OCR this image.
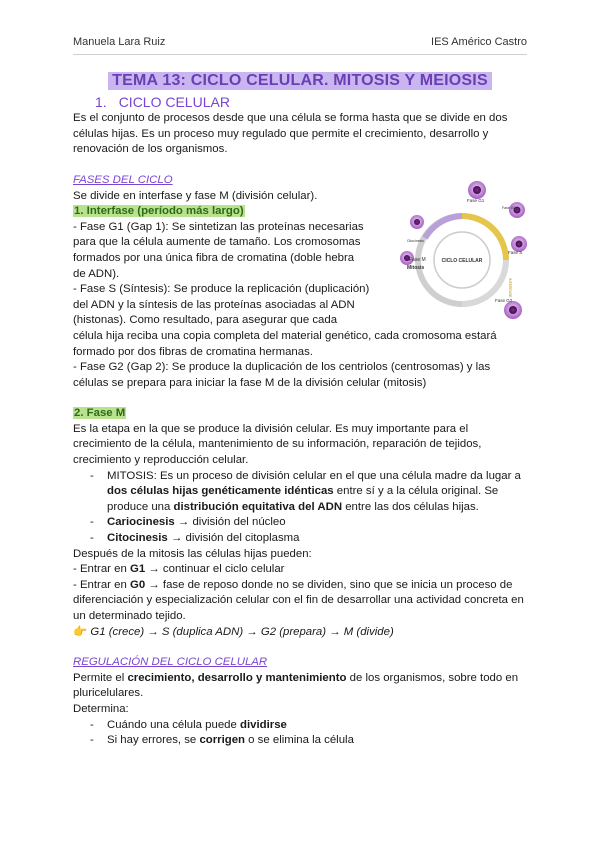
Manuela Lara Ruiz	IES Américo Castro
CICLO CELULAR
Fase G1
Fase G0
Fase S
Fase G2
Fase M
Mitosis
Citocinesis
INTERFASE
TEMA 13: CICLO CELULAR. MITOSIS Y MEIOSIS
1. CICLO CELULAR

Es el conjunto de procesos desde que una célula se forma hasta que se divide en dos células hijas. Es un proceso muy regulado que permite el crecimiento, desarrollo y renovación de los organismos.

FASES DEL CICLO

Se divide en interfase y fase M (división celular).

1. Interfase (período más largo)

- Fase G1 (Gap 1): Se sintetizan las proteínas necesarias

para que la célula aumente de tamaño. Los cromosomas

formados por una única fibra de cromatina (doble hebra

de ADN).

- Fase S (Síntesis): Se produce la replicación (duplicación)

del ADN y la síntesis de las proteínas asociadas al ADN

(histonas). Como resultado, para asegurar que cada

célula hija reciba una copia completa del material genético, cada cromosoma estará formado por dos fibras de cromatina hermanas.

- Fase G2 (Gap 2): Se produce la duplicación de los centriolos (centrosomas) y las células se prepara para iniciar la fase M de la división celular (mitosis)

2. Fase M

Es la etapa en la que se produce la división celular. Es muy importante para el crecimiento de la célula, mantenimiento de su información, reparación de tejidos, crecimiento y reproducción celular.

- MITOSIS: Es un proceso de división celular en el que una célula madre da lugar a dos células hijas genéticamente idénticas entre sí y a la célula original. Se produce una distribución equitativa del ADN entre las dos células hijas.
- Cariocinesis → división del núcleo
- Citocinesis → división del citoplasma

Después de la mitosis las células hijas pueden:

- Entrar en G1 → continuar el ciclo celular

- Entrar en G0 → fase de reposo donde no se dividen, sino que se inicia un proceso de diferenciación y especialización celular con el fin de desarrollar una actividad concreta en un determinado tejido.

👉 G1 (crece) → S (duplica ADN) → G2 (prepara) → M (divide)

REGULACIÓN DEL CICLO CELULAR

Permite el crecimiento, desarrollo y mantenimiento de los organismos, sobre todo en pluricelulares.

Determina:

- Cuándo una célula puede dividirse
- Si hay errores, se corrigen o se elimina la célula
